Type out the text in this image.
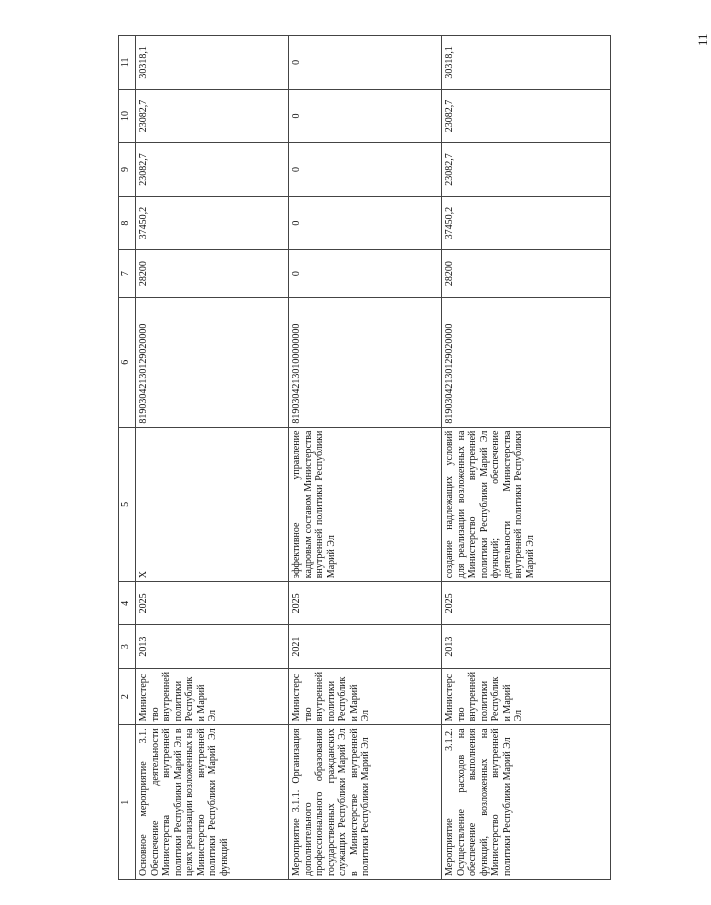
11
1	2	3	4	5	6	7	8	9	10	11
Основное мероприятие 3.1. Обеспечение деятельности Министерства внутренней политики Республики Марий Эл в целях реализации возложенных на Министерство внутренней политики Республики Марий Эл функций	Министерство внутренней политики Республики Марий Эл	2013	2025	Х	81903042130129020000	28200	37450,2	23082,7	23082,7	30318,1
Мероприятие 3.1.1. Организация дополнительного профессионального образования государственных гражданских служащих Республики Марий Эл в Министерстве внутренней политики Республики Марий Эл	Министерство внутренней политики Республики Марий Эл	2021	2025	эффективное управление кадровым составом Министерства внутренней политики Республики Марий Эл	81903042130100000000	0	0	0	0	0
Мероприятие 3.1.2. Осуществление расходов на обеспечение выполнения функций, возложенных на Министерство внутренней политики Республики Марий Эл	Министерство внутренней политики Республики Марий Эл	2013	2025	создание надлежащих условий для реализации возложенных на Министерство внутренней политики Республики Марий Эл функций; обеспечение деятельности Министерства внутренней политики Республики Марий Эл	81903042130129020000	28200	37450,2	23082,7	23082,7	30318,1
